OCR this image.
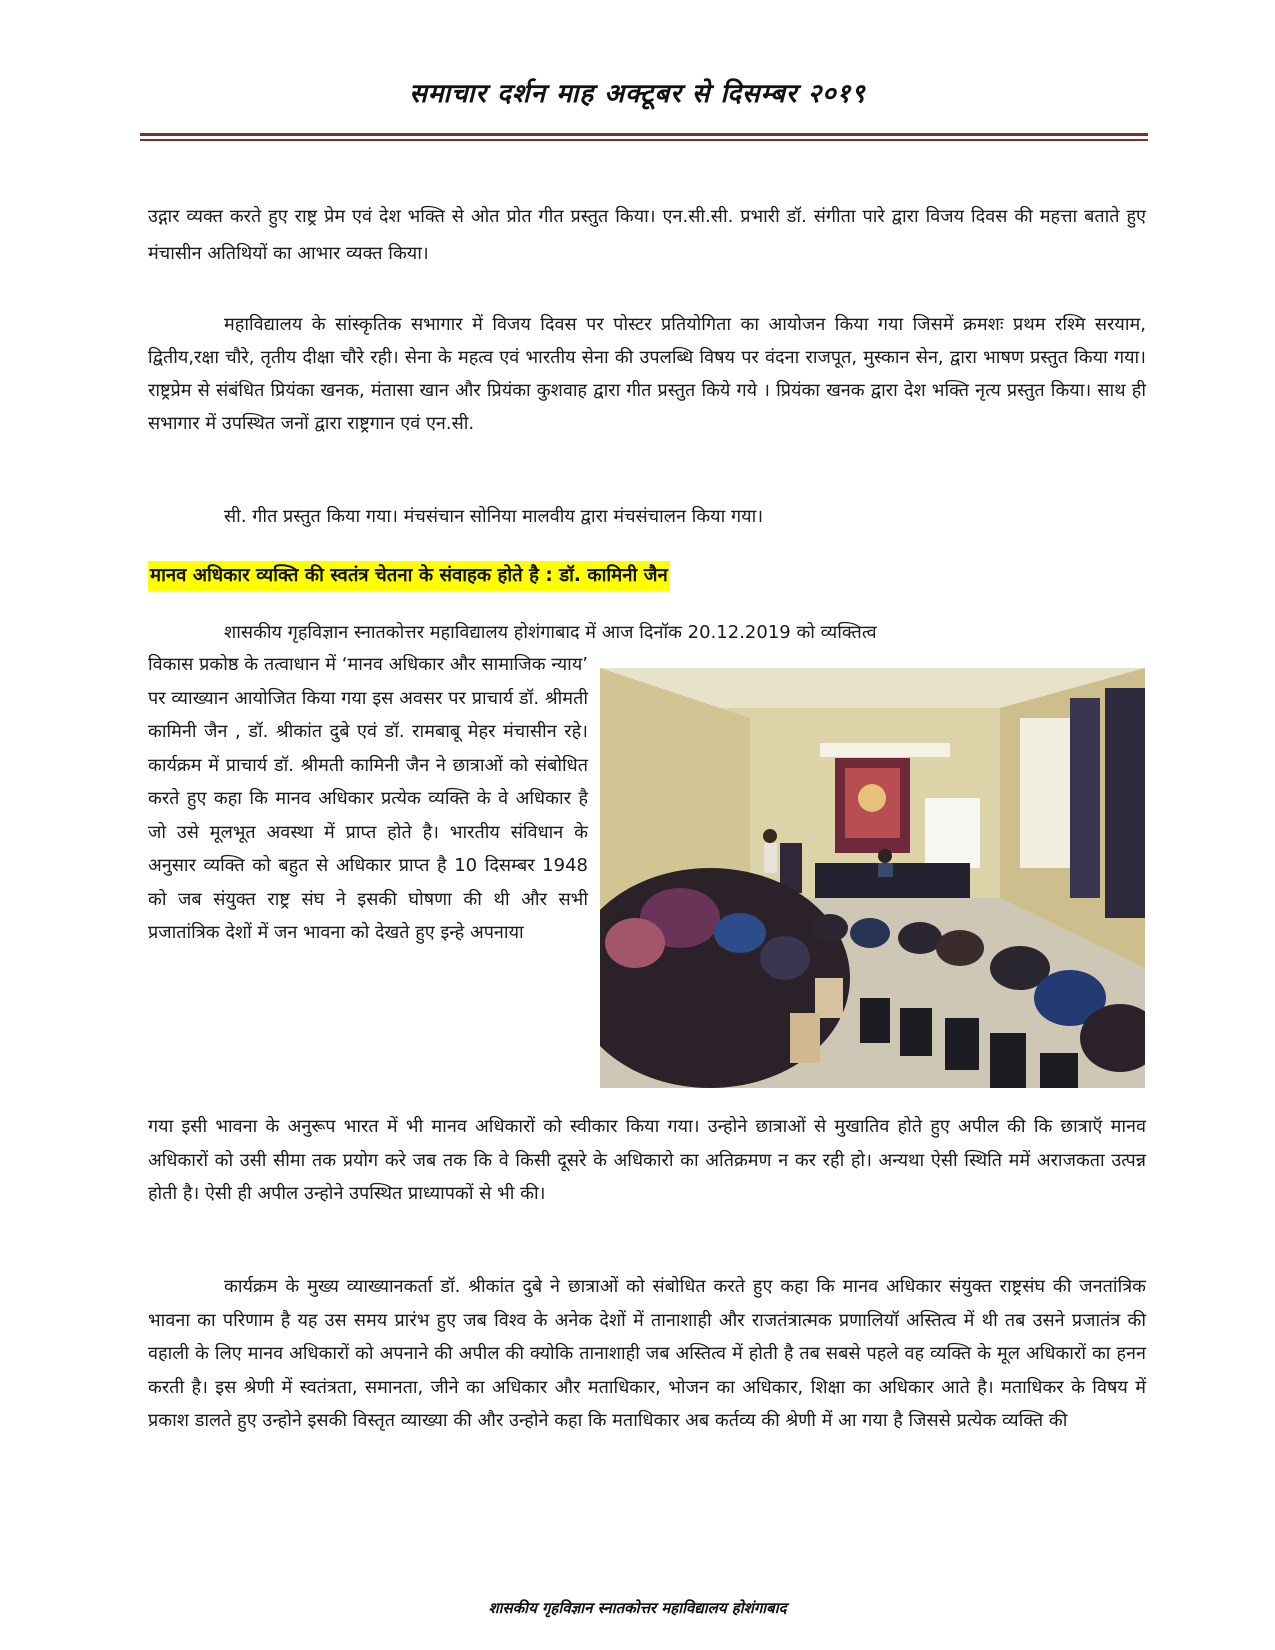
समाचार दर्शन माह अक्टूबर से दिसम्बर २०१९
उद्गार व्यक्त करते हुए राष्ट्र प्रेम एवं देश भक्ति से ओत प्रोत गीत प्रस्तुत किया। एन.सी.सी. प्रभारी डॉ. संगीता पारे द्वारा विजय दिवस की महत्ता बताते हुए मंचासीन अतिथियों का आभार व्यक्त किया।
महाविद्यालय के सांस्कृतिक सभागार में विजय दिवस पर पोस्टर प्रतियोगिता का आयोजन किया गया जिसमें क्रमशः प्रथम रश्मि सरयाम, द्वितीय,रक्षा चौरे, तृतीय दीक्षा चौरे रही। सेना के महत्व एवं भारतीय सेना की उपलब्धि विषय पर वंदना राजपूत, मुस्कान सेन, द्वारा भाषण प्रस्तुत किया गया। राष्ट्रप्रेम से संबंधित प्रियंका खनक, मंतासा खान और प्रियंका कुशवाह द्वारा गीत प्रस्तुत किये गये । प्रियंका खनक द्वारा देश भक्ति नृत्य प्रस्तुत किया। साथ ही सभागार में उपस्थित जनों द्वारा राष्ट्रगान एवं एन.सी.
सी. गीत प्रस्तुत किया गया। मंचसंचान सोनिया मालवीय द्वारा मंचसंचालन किया गया।
मानव अधिकार व्यक्ति की स्वतंत्र चेतना के संवाहक होते है : डॉ. कामिनी जैन
शासकीय गृहविज्ञान स्नातकोत्तर महाविद्यालय होशंगाबाद में आज दिनॉक 20.12.2019 को व्यक्तित्व
विकास प्रकोष्ठ के तत्वाधान में ‘मानव अधिकार और सामाजिक न्याय’ पर व्याख्यान आयोजित किया गया इस अवसर पर प्राचार्य डॉ. श्रीमती कामिनी जैन , डॉ. श्रीकांत दुबे एवं डॉ. रामबाबू मेहर मंचासीन रहे। कार्यक्रम में प्राचार्य डॉ. श्रीमती कामिनी जैन ने छात्राओं को संबोधित करते हुए कहा कि मानव अधिकार प्रत्येक व्यक्ति के वे अधिकार है जो उसे मूलभूत अवस्था में प्राप्त होते है। भारतीय संविधान के अनुसार व्यक्ति को बहुत से अधिकार प्राप्त है 10 दिसम्बर 1948 को जब संयुक्त राष्ट्र संघ ने इसकी घोषणा की थी और सभी प्रजातांत्रिक देशों में जन भावना को देखते हुए इन्हे अपनाया
गया इसी भावना के अनुरूप भारत में भी मानव अधिकारों को स्वीकार किया गया। उन्होने छात्राओं से मुखातिव होते हुए अपील की कि छात्राऍ मानव अधिकारों को उसी सीमा तक प्रयोग करे जब तक कि वे किसी दूसरे के अधिकारो का अतिक्रमण न कर रही हो। अन्यथा ऐसी स्थिति ममें अराजकता उत्पन्न होती है। ऐसी ही अपील उन्होने उपस्थित प्राध्यापकों से भी की।
कार्यक्रम के मुख्य व्याख्यानकर्ता डॉ. श्रीकांत दुबे ने छात्राओं को संबोधित करते हुए कहा कि मानव अधिकार संयुक्त राष्ट्रसंघ की जनतांत्रिक भावना का परिणाम है यह उस समय प्रारंभ हुए जब विश्व के अनेक देशों में तानाशाही और राजतंत्रात्मक प्रणालियॉ अस्तित्व में थी तब उसने प्रजातंत्र की वहाली के लिए मानव अधिकारों को अपनाने की अपील की क्योकि तानाशाही जब अस्तित्व में होती है तब सबसे पहले वह व्यक्ति के मूल अधिकारों का हनन करती है। इस श्रेणी में स्वतंत्रता, समानता, जीने का अधिकार और मताधिकार, भोजन का अधिकार, शिक्षा का अधिकार आते है। मताधिकर के विषय में प्रकाश डालते हुए उन्होने इसकी विस्तृत व्याख्या की और उन्होने कहा कि मताधिकार अब कर्तव्य की श्रेणी में आ गया है जिससे प्रत्येक व्यक्ति की
शासकीय गृहविज्ञान स्नातकोत्तर महाविद्यालय होशंगाबाद
